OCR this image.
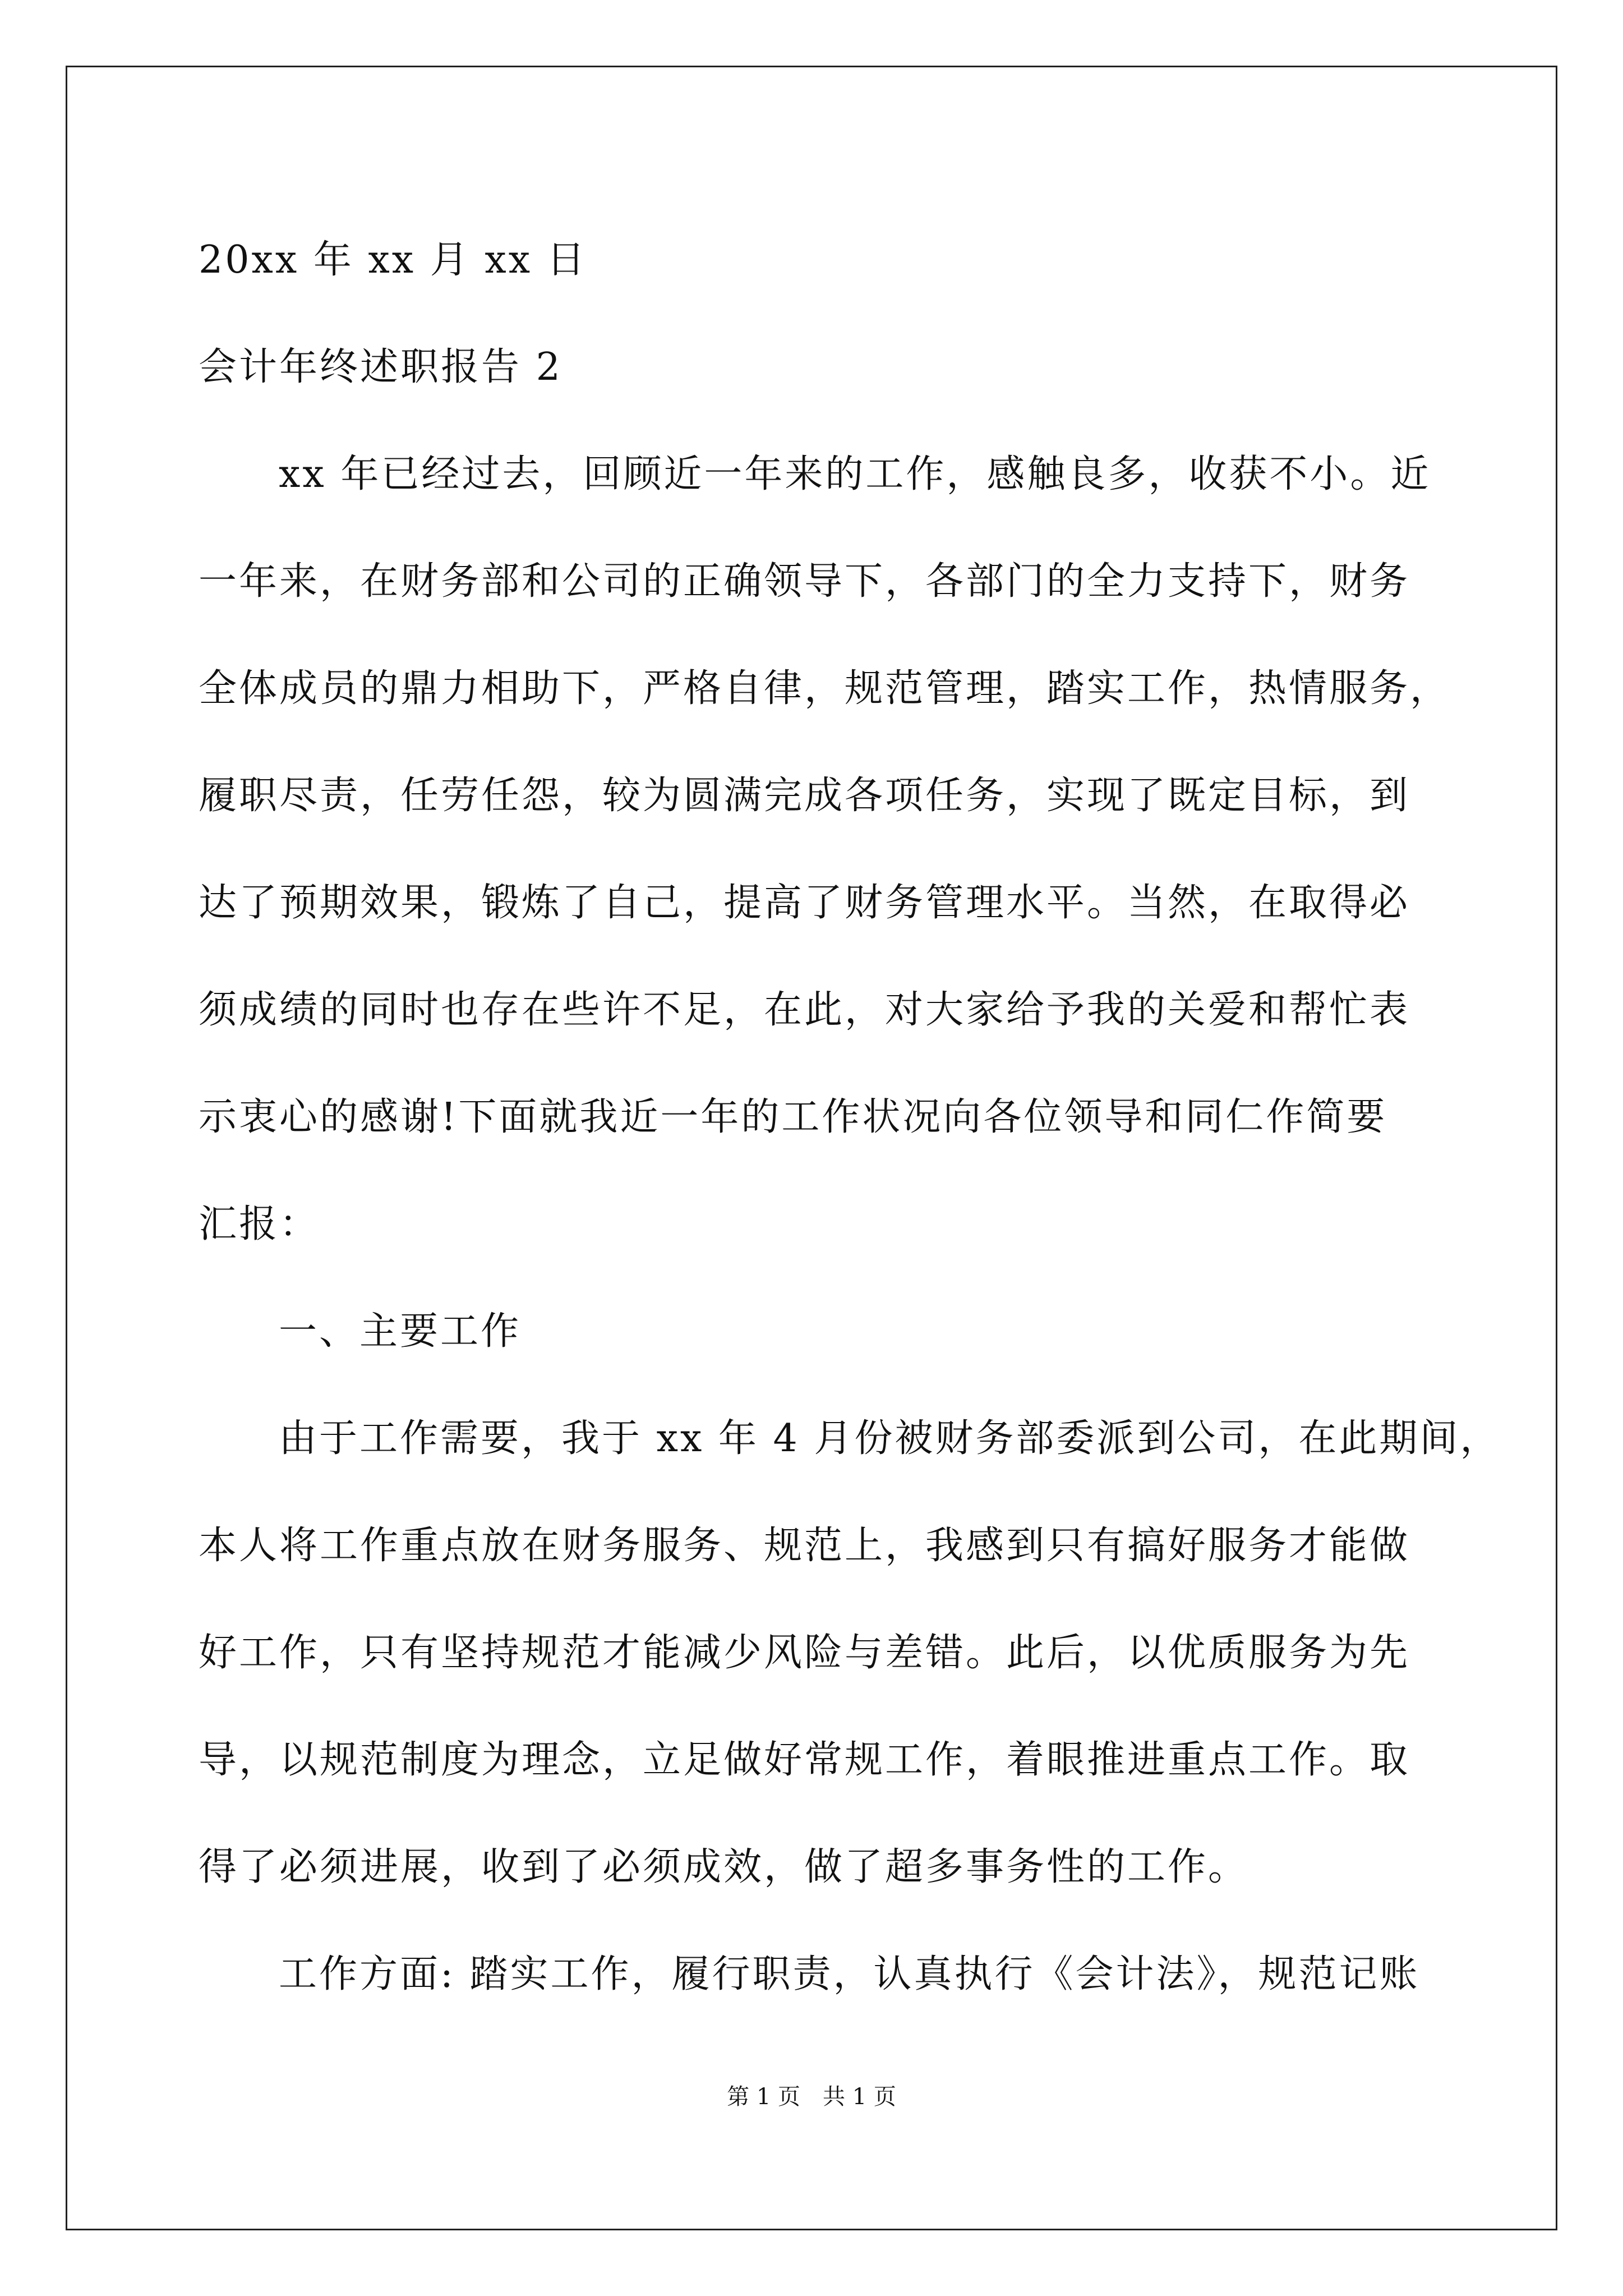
20xx 年 xx 月 xx 日
会计年终述职报告 2
xx 年已经过去，回顾近一年来的工作，感触良多，收获不小。近
一年来，在财务部和公司的正确领导下，各部门的全力支持下，财务
全体成员的鼎力相助下，严格自律，规范管理，踏实工作，热情服务，
履职尽责，任劳任怨，较为圆满完成各项任务，实现了既定目标，到
达了预期效果，锻炼了自己，提高了财务管理水平。当然，在取得必
须成绩的同时也存在些许不足，在此，对大家给予我的关爱和帮忙表
示衷心的感谢!下面就我近一年的工作状况向各位领导和同仁作简要
汇报：
一、主要工作
由于工作需要，我于 xx 年 4 月份被财务部委派到公司，在此期间，
本人将工作重点放在财务服务、规范上，我感到只有搞好服务才能做
好工作，只有坚持规范才能减少风险与差错。此后，以优质服务为先
导，以规范制度为理念，立足做好常规工作，着眼推进重点工作。取
得了必须进展，收到了必须成效，做了超多事务性的工作。
工作方面: 踏实工作，履行职责，认真执行《会计法》，规范记账
第 1 页　共 1 页
